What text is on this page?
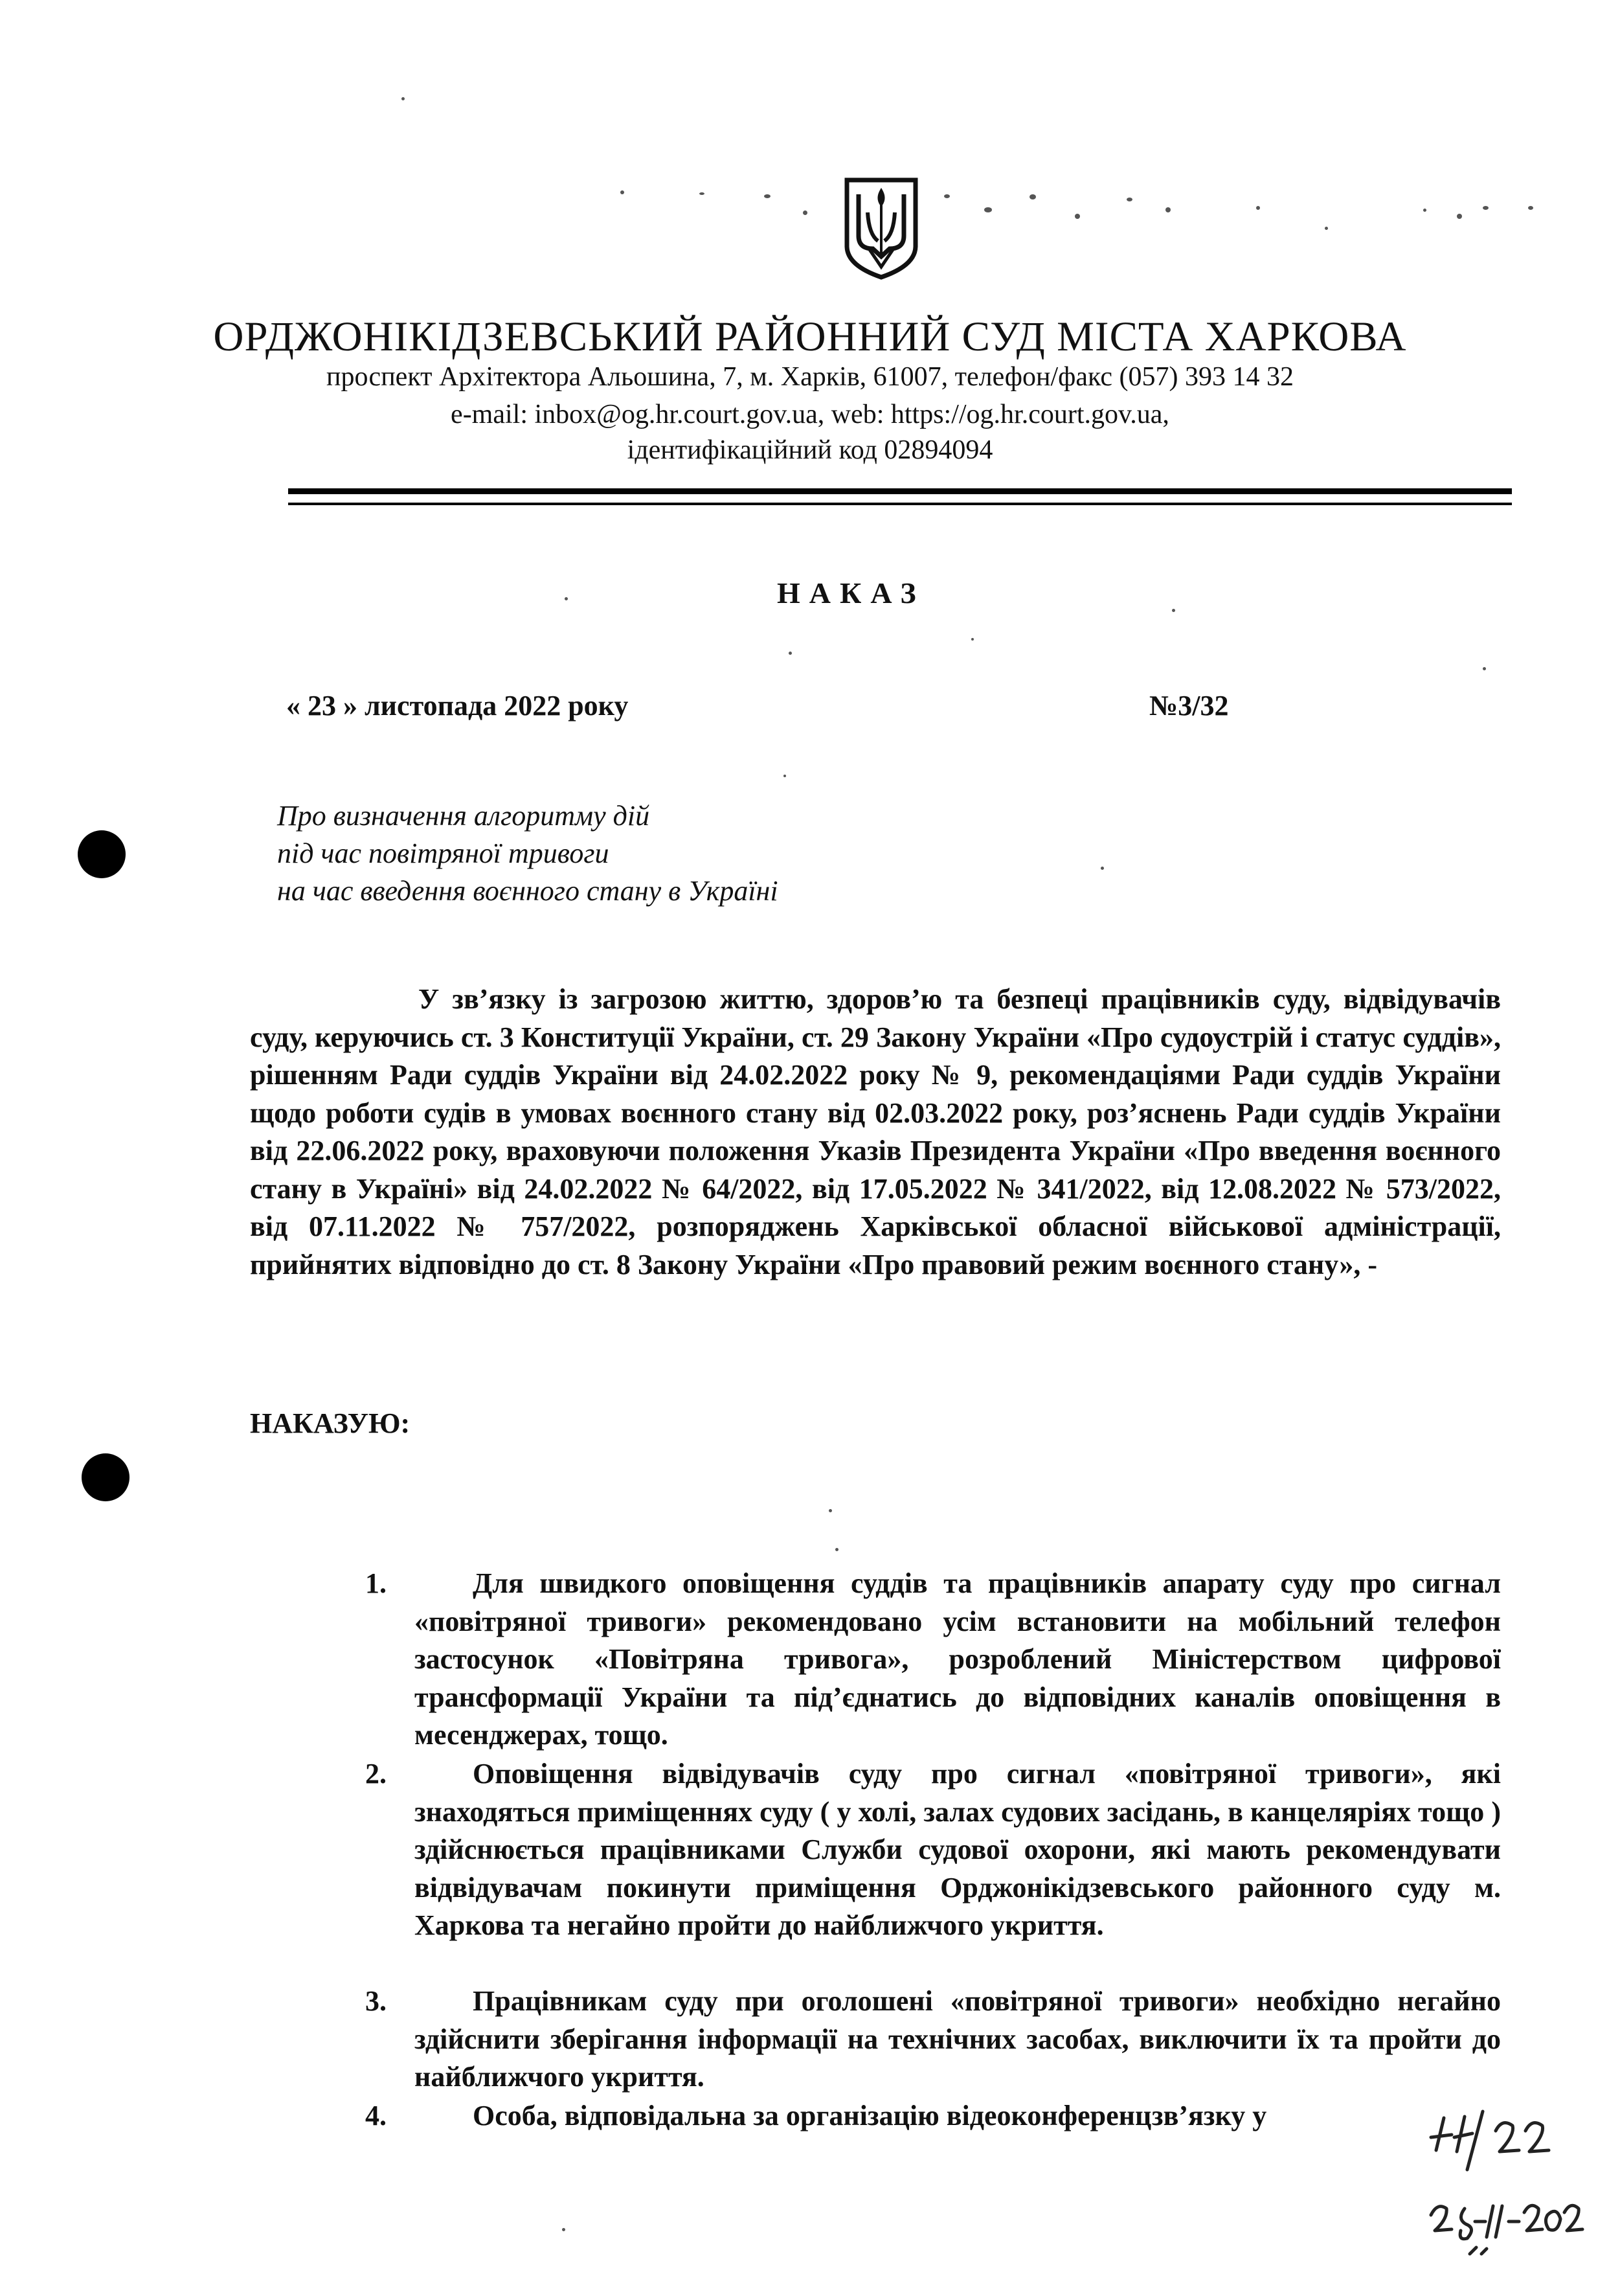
ОРДЖОНІКІДЗЕВСЬКИЙ РАЙОННИЙ СУД МІСТА ХАРКОВА
проспект Архітектора Альошина, 7, м. Харків, 61007, телефон/факс (057) 393 14 32
e-mail: inbox@og.hr.court.gov.ua, web: https://og.hr.court.gov.ua,
ідентифікаційний код 02894094
НАКАЗ
« 23 » листопада 2022 року	№3/32
Про визначення алгоритму дій
під час повітряної тривоги
на час введення воєнного стану в Україні

У зв’язку із загрозою життю, здоров’ю та безпеці працівників суду, відвідувачів суду, керуючись ст. 3 Конституції України, ст. 29 Закону України «Про судоустрій і статус суддів», рішенням Ради суддів України від 24.02.2022 року № 9, рекомендаціями Ради суддів України щодо роботи судів в умовах воєнного стану від 02.03.2022 року, роз’яснень Ради суддів України від 22.06.2022 року, враховуючи положення Указів Президента України «Про введення воєнного стану в Україні» від 24.02.2022 № 64/2022, від 17.05.2022 № 341/2022, від 12.08.2022 № 573/2022, від 07.11.2022 № 757/2022, розпоряджень Харківської обласної військової адміністрації, прийнятих відповідно до ст. 8 Закону України «Про правовий режим воєнного стану», -

НАКАЗУЮ:
1.	Для швидкого оповіщення суддів та працівників апарату суду про сигнал «повітряної тривоги» рекомендовано усім встановити на мобільний телефон застосунок «Повітряна тривога», розроблений Міністерством цифрової трансформації України та під’єднатись до відповідних каналів оповіщення в месенджерах, тощо.

2.	Оповіщення відвідувачів суду про сигнал «повітряної тривоги», які знаходяться приміщеннях суду ( у холі, залах судових засідань, в канцеляріях тощо ) здійснюється працівниками Служби судової охорони, які мають рекомендувати відвідувачам покинути приміщення Орджонікідзевського районного суду м. Харкова та негайно пройти до найближчого укриття.

3.	Працівникам суду при оголошені «повітряної тривоги» необхідно негайно здійснити зберігання інформації на технічних засобах, виключити їх та пройти до найближчого укриття.

4.	Особа, відповідальна за організацію відеоконференцзв’язку у
